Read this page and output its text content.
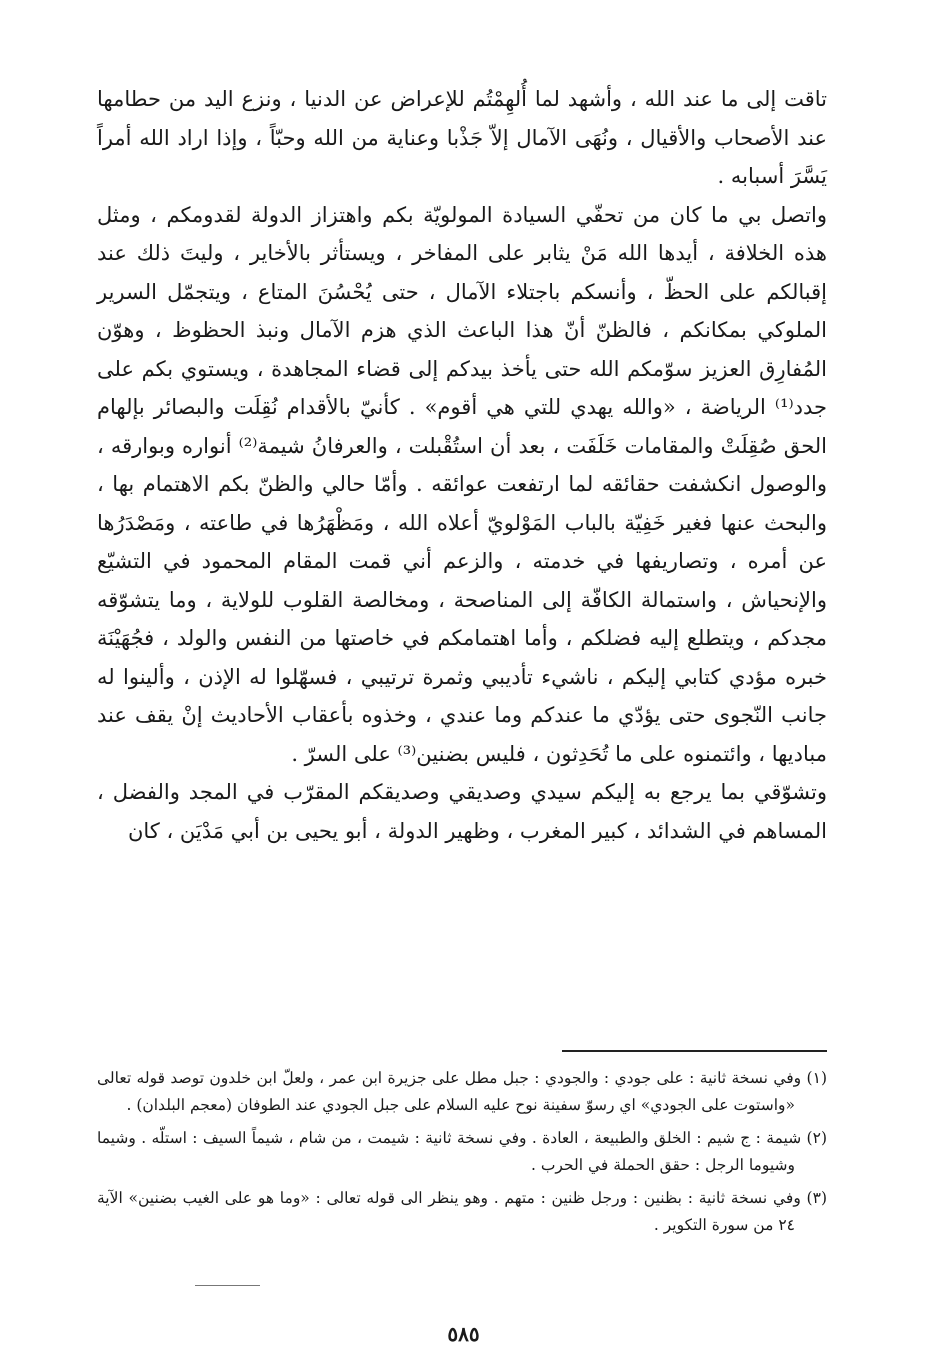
تاقت إلى ما عند الله ، وأشهد لما أُلهِمْتُم للإعراض عن الدنيا ، ونزع اليد من حطامها عند الأصحاب والأقيال ، ونُهَى الآمال إلاّ جَذْبا وعناية من الله وحبّاً ، وإذا اراد الله أمراً يَسَّرَ أسبابه .

واتصل بي ما كان من تحفّي السيادة المولويّة بكم واهتزاز الدولة لقدومكم ، ومثل هذه الخلافة ، أيدها الله مَنْ يثابر على المفاخر ، ويستأثر بالأخاير ، وليتَ ذلك عند إقبالكم على الحظّ ، وأنسكم باجتلاء الآمال ، حتى يُحْسُنَ المتاع ، ويتجمّل السرير الملوكي بمكانكم ، فالظنّ أنّ هذا الباعث الذي هزم الآمال ونبذ الحظوظ ، وهوّن المُفارِق العزيز سوّمكم الله حتى يأخذ بيدكم إلى قضاء المجاهدة ، ويستوي بكم على جدد⁽¹⁾ الرياضة ، «والله يهدي للتي هي أقوم» . كأنيّ بالأقدام نُقِلَت والبصائر بإلهام الحق صُقِلَتْ والمقامات خَلَفَت ، بعد أن استُقْبلت ، والعرفانُ شيمة⁽²⁾ أنواره وبوارقه ، والوصول انكشفت حقائقه لما ارتفعت عوائقه . وأمّا حالي والظنّ بكم الاهتمام بها ، والبحث عنها فغير خَفِيّة بالباب المَوْلويّ أعلاه الله ، ومَظْهَرُها في طاعته ، ومَصْدَرُها عن أمره ، وتصاريفها في خدمته ، والزعم أني قمت المقام المحمود في التشيّع والإنحياش ، واستمالة الكافّة إلى المناصحة ، ومخالصة القلوب للولاية ، وما يتشوّقه مجدكم ، ويتطلع إليه فضلكم ، وأما اهتمامكم في خاصتها من النفس والولد ، فجُهَيْنَة خبره مؤدي كتابي إليكم ، ناشيء تأديبي وثمرة ترتيبي ، فسهّلوا له الإذن ، وألينوا له جانب النّجوى حتى يؤدّي ما عندكم وما عندي ، وخذوه بأعقاب الأحاديث إنْ يقف عند مباديها ، وائتمنوه على ما تُحَدِثون ، فليس بضنين⁽³⁾ على السرّ .

وتشوّقي بما يرجع به إليكم سيدي وصديقي وصديقكم المقرّب في المجد والفضل ، المساهم في الشدائد ، كبير المغرب ، وظهير الدولة ، أبو يحيى بن أبي مَدْيَن ، كان

(١) وفي نسخة ثانية : على جودي : والجودي : جبل مطل على جزيرة ابن عمر ، ولعلّ ابن خلدون توصد قوله تعالى «واستوت على الجودي» اي رسوّ سفينة نوح عليه السلام على جبل الجودي عند الطوفان (معجم البلدان) .

(٢) شيمة : ج شيم : الخلق والطبيعة ، العادة . وفي نسخة ثانية : شيمت ، من شام ، شيماً السيف : استلّه . وشيما وشيوما الرجل : حقق الحملة في الحرب .

(٣) وفي نسخة ثانية : بظنين : ورجل ظنين : متهم . وهو ينظر الى قوله تعالى : «وما هو على الغيب بضنين» الآية ٢٤ من سورة التكوير .

٥٨٥
